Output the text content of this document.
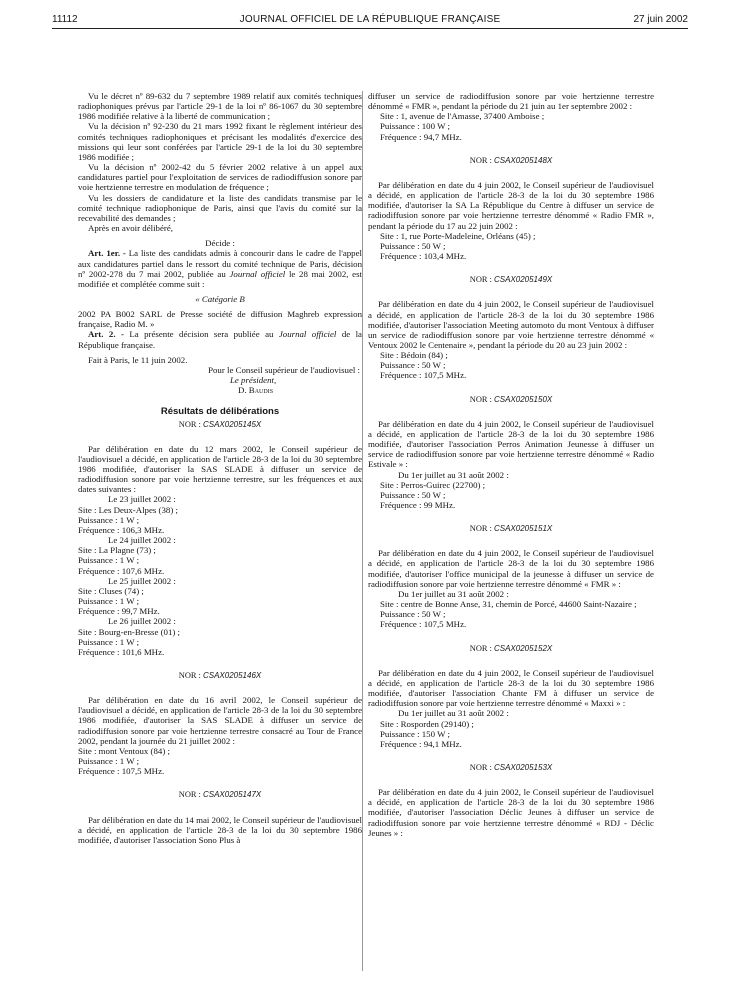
11112	JOURNAL OFFICIEL DE LA RÉPUBLIQUE FRANÇAISE	27 juin 2002

Vu le décret nº 89-632 du 7 septembre 1989 relatif aux comités techniques radiophoniques prévus par l'article 29-1 de la loi nº 86-1067 du 30 septembre 1986 modifiée relative à la liberté de communication ;

Vu la décision nº 92-230 du 21 mars 1992 fixant le règlement intérieur des comités techniques radiophoniques et précisant les modalités d'exercice des missions qui leur sont conférées par l'article 29-1 de la loi du 30 septembre 1986 modifiée ;

Vu la décision nº 2002-42 du 5 février 2002 relative à un appel aux candidatures partiel pour l'exploitation de services de radiodiffusion sonore par voie hertzienne terrestre en modulation de fréquence ;

Vu les dossiers de candidature et la liste des candidats transmise par le comité technique radiophonique de Paris, ainsi que l'avis du comité sur la recevabilité des demandes ;

Après en avoir délibéré,

Décide :

Art. 1er. - La liste des candidats admis à concourir dans le cadre de l'appel aux candidatures partiel dans le ressort du comité technique de Paris, décision nº 2002-278 du 7 mai 2002, publiée au Journal officiel le 28 mai 2002, est modifiée et complétée comme suit :

« Catégorie B

2002 PA B002 SARL de Presse société de diffusion Maghreb expression française, Radio M. »

Art. 2. - La présente décision sera publiée au Journal officiel de la République française.

Fait à Paris, le 11 juin 2002.

Pour le Conseil supérieur de l'audiovisuel :

Le président,

D. Baudis

Résultats de délibérations
NOR : CSAX0205145X

Par délibération en date du 12 mars 2002, le Conseil supérieur de l'audiovisuel a décidé, en application de l'article 28-3 de la loi du 30 septembre 1986 modifiée, d'autoriser la SAS SLADE à diffuser un service de radiodiffusion sonore par voie hertzienne terrestre, sur les fréquences et aux dates suivantes :

Le 23 juillet 2002 :

Site : Les Deux-Alpes (38) ;

Puissance : 1 W ;

Fréquence : 106,3 MHz.

Le 24 juillet 2002 :

Site : La Plagne (73) ;

Puissance : 1 W ;

Fréquence : 107,6 MHz.

Le 25 juillet 2002 :

Site : Cluses (74) ;

Puissance : 1 W ;

Fréquence : 99,7 MHz.

Le 26 juillet 2002 :

Site : Bourg-en-Bresse (01) ;

Puissance : 1 W ;

Fréquence : 101,6 MHz.

NOR : CSAX0205146X

Par délibération en date du 16 avril 2002, le Conseil supérieur de l'audiovisuel a décidé, en application de l'article 28-3 de la loi du 30 septembre 1986 modifiée, d'autoriser la SAS SLADE à diffuser un service de radiodiffusion sonore par voie hertzienne terrestre consacré au Tour de France 2002, pendant la journée du 21 juillet 2002 :

Site : mont Ventoux (84) ;

Puissance : 1 W ;

Fréquence : 107,5 MHz.

NOR : CSAX0205147X

Par délibération en date du 14 mai 2002, le Conseil supérieur de l'audiovisuel a décidé, en application de l'article 28-3 de la loi du 30 septembre 1986 modifiée, d'autoriser l'association Sono Plus à

diffuser un service de radiodiffusion sonore par voie hertzienne terrestre dénommé « FMR », pendant la période du 21 juin au 1er septembre 2002 :

Site : 1, avenue de l'Amasse, 37400 Amboise ;

Puissance : 100 W ;

Fréquence : 94,7 MHz.

NOR : CSAX0205148X

Par délibération en date du 4 juin 2002, le Conseil supérieur de l'audiovisuel a décidé, en application de l'article 28-3 de la loi du 30 septembre 1986 modifiée, d'autoriser la SA La République du Centre à diffuser un service de radiodiffusion sonore par voie hertzienne terrestre dénommé « Radio FMR », pendant la période du 17 au 22 juin 2002 :

Site : 1, rue Porte-Madeleine, Orléans (45) ;

Puissance : 50 W ;

Fréquence : 103,4 MHz.

NOR : CSAX0205149X

Par délibération en date du 4 juin 2002, le Conseil supérieur de l'audiovisuel a décidé, en application de l'article 28-3 de la loi du 30 septembre 1986 modifiée, d'autoriser l'association Meeting automoto du mont Ventoux à diffuser un service de radiodiffusion sonore par voie hertzienne terrestre dénommé « Ventoux 2002 le Centenaire », pendant la période du 20 au 23 juin 2002 :

Site : Bédoin (84) ;

Puissance : 50 W ;

Fréquence : 107,5 MHz.

NOR : CSAX0205150X

Par délibération en date du 4 juin 2002, le Conseil supérieur de l'audiovisuel a décidé, en application de l'article 28-3 de la loi du 30 septembre 1986 modifiée, d'autoriser l'association Perros Animation Jeunesse à diffuser un service de radiodiffusion sonore par voie hertzienne terrestre dénommé « Radio Estivale » :

Du 1er juillet au 31 août 2002 :

Site : Perros-Guirec (22700) ;

Puissance : 50 W ;

Fréquence : 99 MHz.

NOR : CSAX0205151X

Par délibération en date du 4 juin 2002, le Conseil supérieur de l'audiovisuel a décidé, en application de l'article 28-3 de la loi du 30 septembre 1986 modifiée, d'autoriser l'office municipal de la jeunesse à diffuser un service de radiodiffusion sonore par voie hertzienne terrestre dénommé « FMR » :

Du 1er juillet au 31 août 2002 :

Site : centre de Bonne Anse, 31, chemin de Porcé, 44600 Saint-Nazaire ;

Puissance : 50 W ;

Fréquence : 107,5 MHz.

NOR : CSAX0205152X

Par délibération en date du 4 juin 2002, le Conseil supérieur de l'audiovisuel a décidé, en application de l'article 28-3 de la loi du 30 septembre 1986 modifiée, d'autoriser l'association Chante FM à diffuser un service de radiodiffusion sonore par voie hertzienne terrestre dénommé « Maxxi » :

Du 1er juillet au 31 août 2002 :

Site : Rosporden (29140) ;

Puissance : 150 W ;

Fréquence : 94,1 MHz.

NOR : CSAX0205153X

Par délibération en date du 4 juin 2002, le Conseil supérieur de l'audiovisuel a décidé, en application de l'article 28-3 de la loi du 30 septembre 1986 modifiée, d'autoriser l'association Déclic Jeunes à diffuser un service de radiodiffusion sonore par voie hertzienne terrestre dénommé « RDJ - Déclic Jeunes » :
